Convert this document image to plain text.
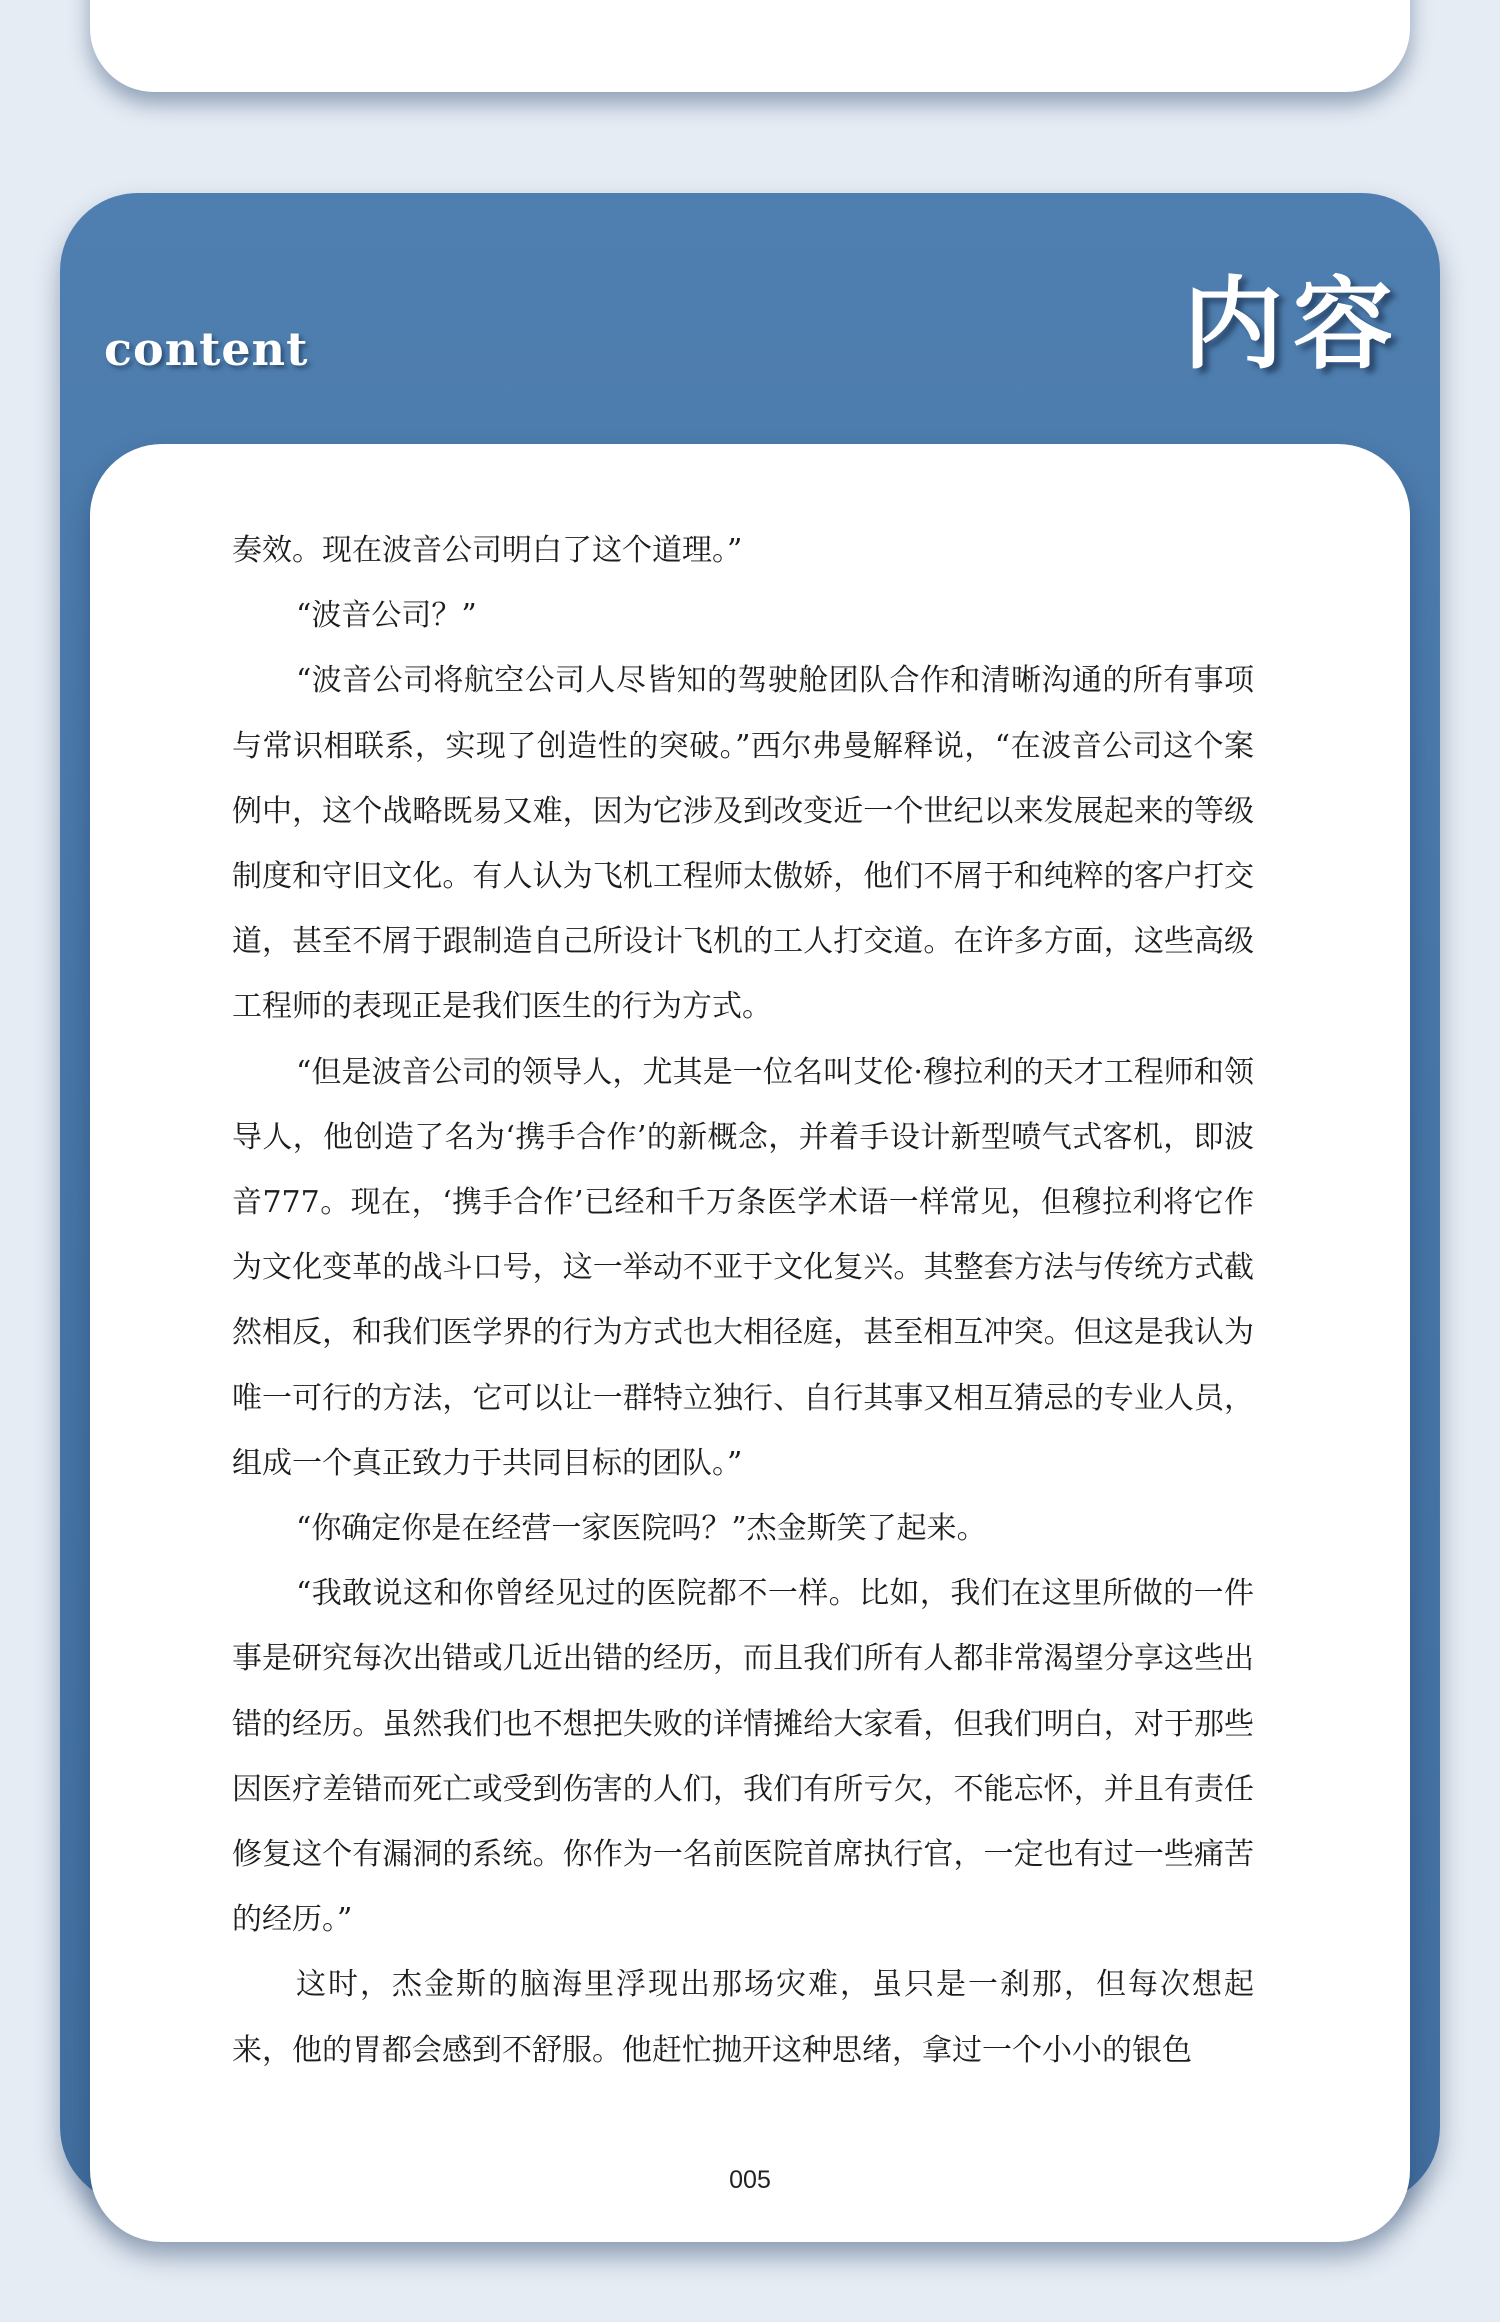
content	内容

奏效。现在波音公司明白了这个道理。”

“波音公司？”

“波音公司将航空公司人尽皆知的驾驶舱团队合作和清晰沟通的所有事项与常识相联系，实现了创造性的突破。”西尔弗曼解释说，“在波音公司这个案例中，这个战略既易又难，因为它涉及到改变近一个世纪以来发展起来的等级制度和守旧文化。有人认为飞机工程师太傲娇，他们不屑于和纯粹的客户打交道，甚至不屑于跟制造自己所设计飞机的工人打交道。在许多方面，这些高级工程师的表现正是我们医生的行为方式。

“但是波音公司的领导人，尤其是一位名叫艾伦·穆拉利的天才工程师和领导人，他创造了名为‘携手合作’的新概念，并着手设计新型喷气式客机，即波音777。现在，‘携手合作’已经和千万条医学术语一样常见，但穆拉利将它作为文化变革的战斗口号，这一举动不亚于文化复兴。其整套方法与传统方式截然相反，和我们医学界的行为方式也大相径庭，甚至相互冲突。但这是我认为唯一可行的方法，它可以让一群特立独行、自行其事又相互猜忌的专业人员，组成一个真正致力于共同目标的团队。”

“你确定你是在经营一家医院吗？”杰金斯笑了起来。

“我敢说这和你曾经见过的医院都不一样。比如，我们在这里所做的一件事是研究每次出错或几近出错的经历，而且我们所有人都非常渴望分享这些出错的经历。虽然我们也不想把失败的详情摊给大家看，但我们明白，对于那些因医疗差错而死亡或受到伤害的人们，我们有所亏欠，不能忘怀，并且有责任修复这个有漏洞的系统。你作为一名前医院首席执行官，一定也有过一些痛苦的经历。”

这时，杰金斯的脑海里浮现出那场灾难，虽只是一刹那，但每次想起来，他的胃都会感到不舒服。他赶忙抛开这种思绪，拿过一个小小的银色

005
